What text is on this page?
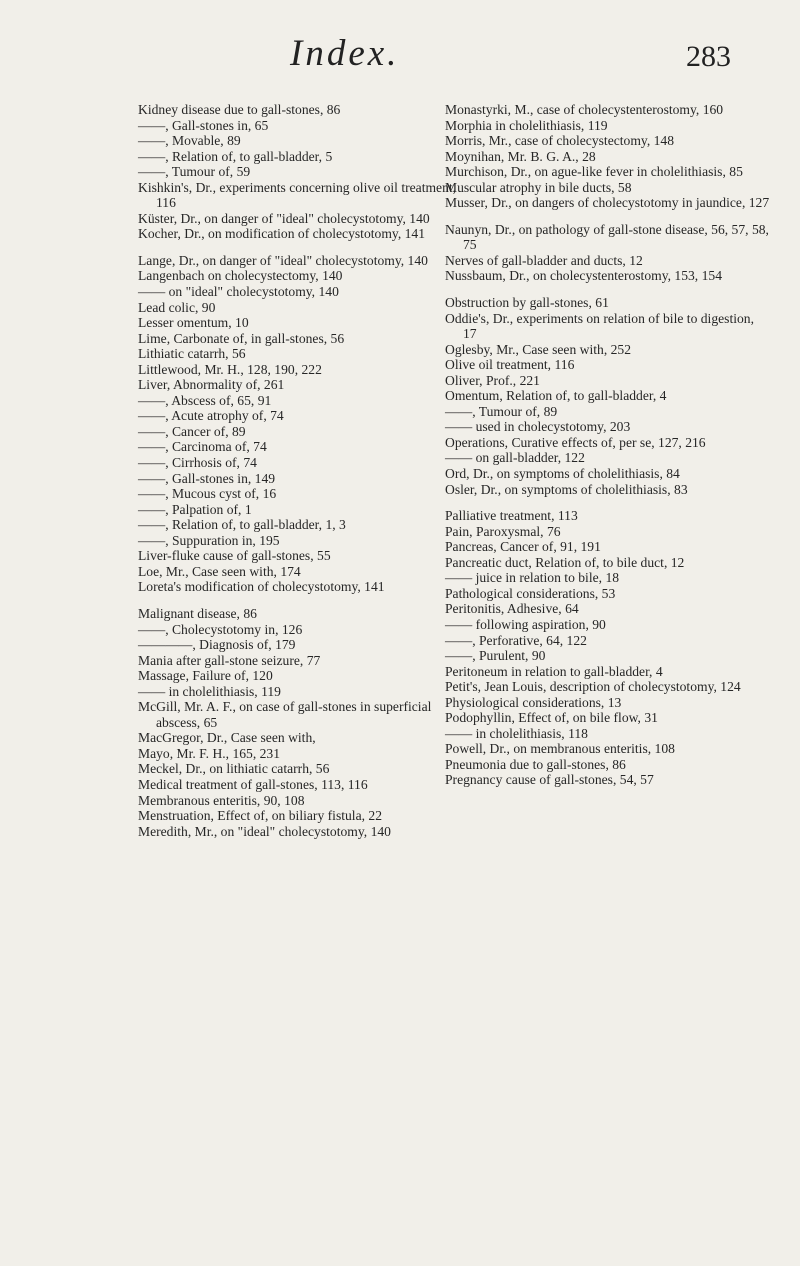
Index.	283
Kidney disease due to gall-stones, 86
——, Gall-stones in, 65
——, Movable, 89
——, Relation of, to gall-bladder, 5
——, Tumour of, 59
Kishkin's, Dr., experiments concerning olive oil treatment, 116
Küster, Dr., on danger of "ideal" cholecystotomy, 140
Kocher, Dr., on modification of cholecystotomy, 141
Lange, Dr., on danger of "ideal" cholecystotomy, 140
Langenbach on cholecystectomy, 140
—— on "ideal" cholecystotomy, 140
Lead colic, 90
Lesser omentum, 10
Lime, Carbonate of, in gall-stones, 56
Lithiatic catarrh, 56
Littlewood, Mr. H., 128, 190, 222
Liver, Abnormality of, 261
——, Abscess of, 65, 91
——, Acute atrophy of, 74
——, Cancer of, 89
——, Carcinoma of, 74
——, Cirrhosis of, 74
——, Gall-stones in, 149
——, Mucous cyst of, 16
——, Palpation of, 1
——, Relation of, to gall-bladder, 1, 3
——, Suppuration in, 195
Liver-fluke cause of gall-stones, 55
Loe, Mr., Case seen with, 174
Loreta's modification of cholecystotomy, 141
Malignant disease, 86
——, Cholecystotomy in, 126
————, Diagnosis of, 179
Mania after gall-stone seizure, 77
Massage, Failure of, 120
—— in cholelithiasis, 119
McGill, Mr. A. F., on case of gall-stones in superficial abscess, 65
MacGregor, Dr., Case seen with,
Mayo, Mr. F. H., 165, 231
Meckel, Dr., on lithiatic catarrh, 56
Medical treatment of gall-stones, 113, 116
Membranous enteritis, 90, 108
Menstruation, Effect of, on biliary fistula, 22
Meredith, Mr., on "ideal" cholecystotomy, 140
Monastyrki, M., case of cholecystenterostomy, 160
Morphia in cholelithiasis, 119
Morris, Mr., case of cholecystectomy, 148
Moynihan, Mr. B. G. A., 28
Murchison, Dr., on ague-like fever in cholelithiasis, 85
Muscular atrophy in bile ducts, 58
Musser, Dr., on dangers of cholecystotomy in jaundice, 127
Naunyn, Dr., on pathology of gall-stone disease, 56, 57, 58, 75
Nerves of gall-bladder and ducts, 12
Nussbaum, Dr., on cholecystenterostomy, 153, 154
Obstruction by gall-stones, 61
Oddie's, Dr., experiments on relation of bile to digestion, 17
Oglesby, Mr., Case seen with, 252
Olive oil treatment, 116
Oliver, Prof., 221
Omentum, Relation of, to gall-bladder, 4
——, Tumour of, 89
—— used in cholecystotomy, 203
Operations, Curative effects of, per se, 127, 216
—— on gall-bladder, 122
Ord, Dr., on symptoms of cholelithiasis, 84
Osler, Dr., on symptoms of cholelithiasis, 83
Palliative treatment, 113
Pain, Paroxysmal, 76
Pancreas, Cancer of, 91, 191
Pancreatic duct, Relation of, to bile duct, 12
—— juice in relation to bile, 18
Pathological considerations, 53
Peritonitis, Adhesive, 64
—— following aspiration, 90
——, Perforative, 64, 122
——, Purulent, 90
Peritoneum in relation to gall-bladder, 4
Petit's, Jean Louis, description of cholecystotomy, 124
Physiological considerations, 13
Podophyllin, Effect of, on bile flow, 31
—— in cholelithiasis, 118
Powell, Dr., on membranous enteritis, 108
Pneumonia due to gall-stones, 86
Pregnancy cause of gall-stones, 54, 57
